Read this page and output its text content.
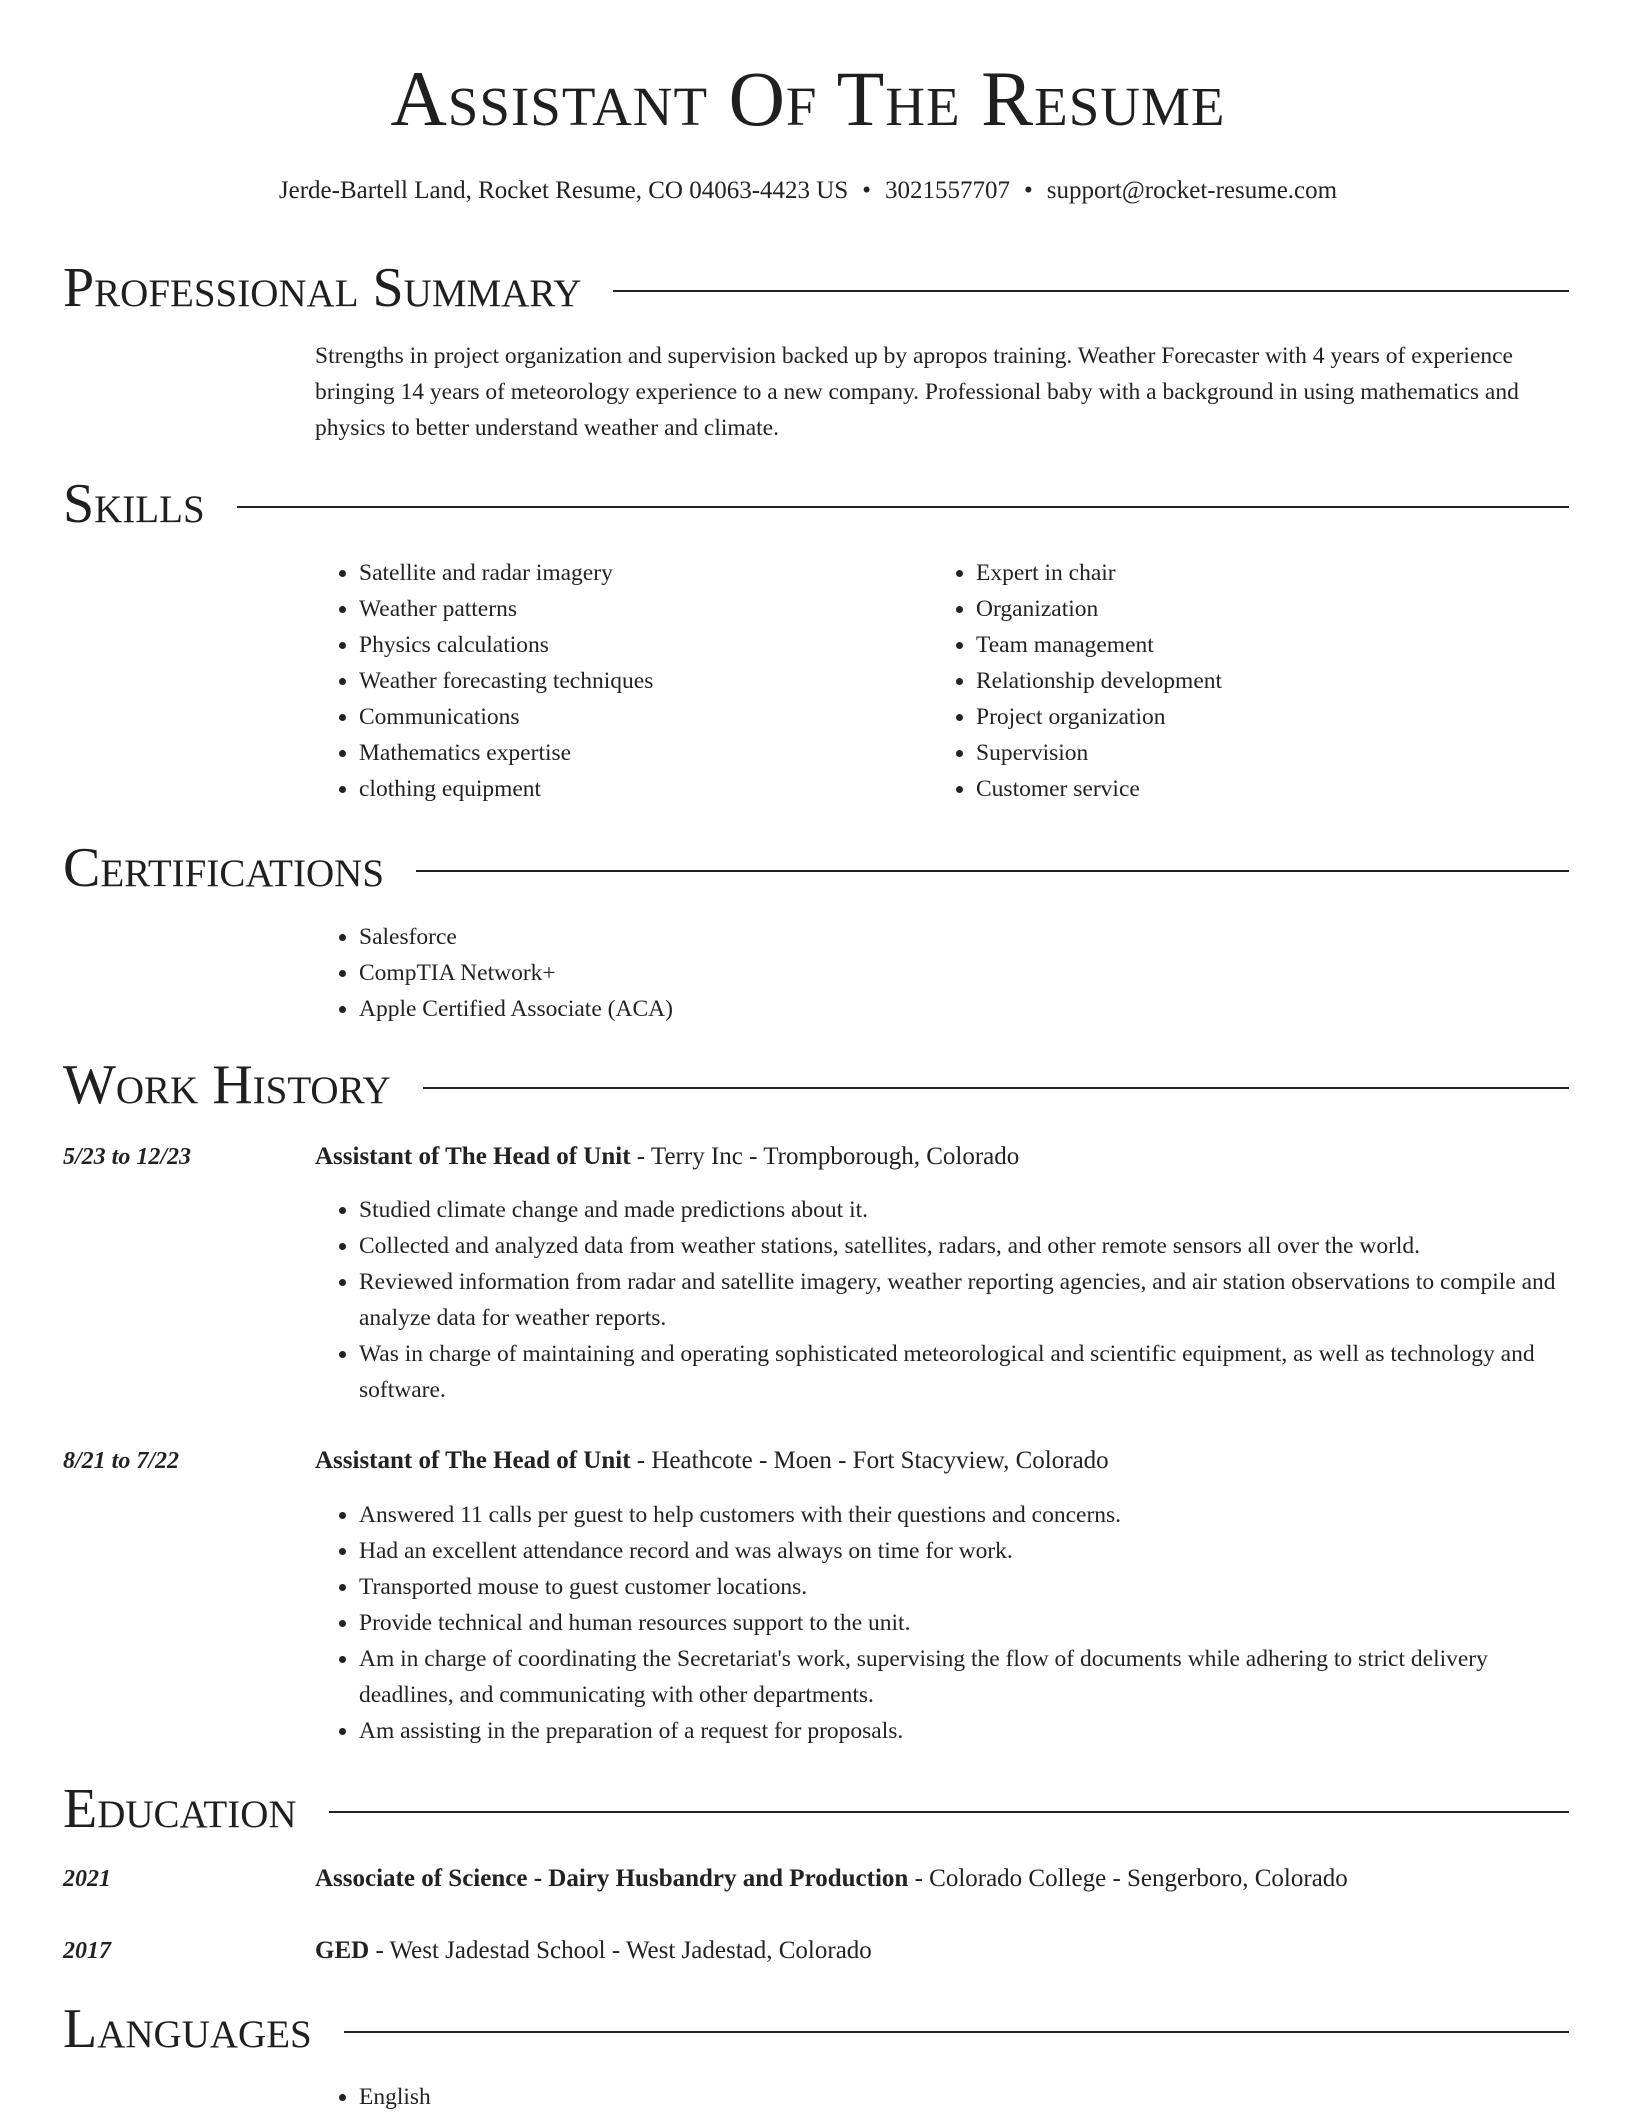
Assistant Of The Resume
Jerde-Bartell Land, Rocket Resume, CO 04063-4423 US • 3021557707 • support@rocket-resume.com
Professional Summary
Strengths in project organization and supervision backed up by apropos training. Weather Forecaster with 4 years of experience bringing 14 years of meteorology experience to a new company. Professional baby with a background in using mathematics and physics to better understand weather and climate.
Skills
• Satellite and radar imagery
• Weather patterns
• Physics calculations
• Weather forecasting techniques
• Communications
• Mathematics expertise
• clothing equipment
• Expert in chair
• Organization
• Team management
• Relationship development
• Project organization
• Supervision
• Customer service
Certifications
• Salesforce
• CompTIA Network+
• Apple Certified Associate (ACA)
Work History
5/23 to 12/23	Assistant of The Head of Unit - Terry Inc - Trompborough, Colorado
• Studied climate change and made predictions about it.
• Collected and analyzed data from weather stations, satellites, radars, and other remote sensors all over the world.
• Reviewed information from radar and satellite imagery, weather reporting agencies, and air station observations to compile and analyze data for weather reports.
• Was in charge of maintaining and operating sophisticated meteorological and scientific equipment, as well as technology and software.
8/21 to 7/22	Assistant of The Head of Unit - Heathcote - Moen - Fort Stacyview, Colorado
• Answered 11 calls per guest to help customers with their questions and concerns.
• Had an excellent attendance record and was always on time for work.
• Transported mouse to guest customer locations.
• Provide technical and human resources support to the unit.
• Am in charge of coordinating the Secretariat's work, supervising the flow of documents while adhering to strict delivery deadlines, and communicating with other departments.
• Am assisting in the preparation of a request for proposals.
Education
2021	Associate of Science - Dairy Husbandry and Production - Colorado College - Sengerboro, Colorado
2017	GED - West Jadestad School - West Jadestad, Colorado
Languages
• English
